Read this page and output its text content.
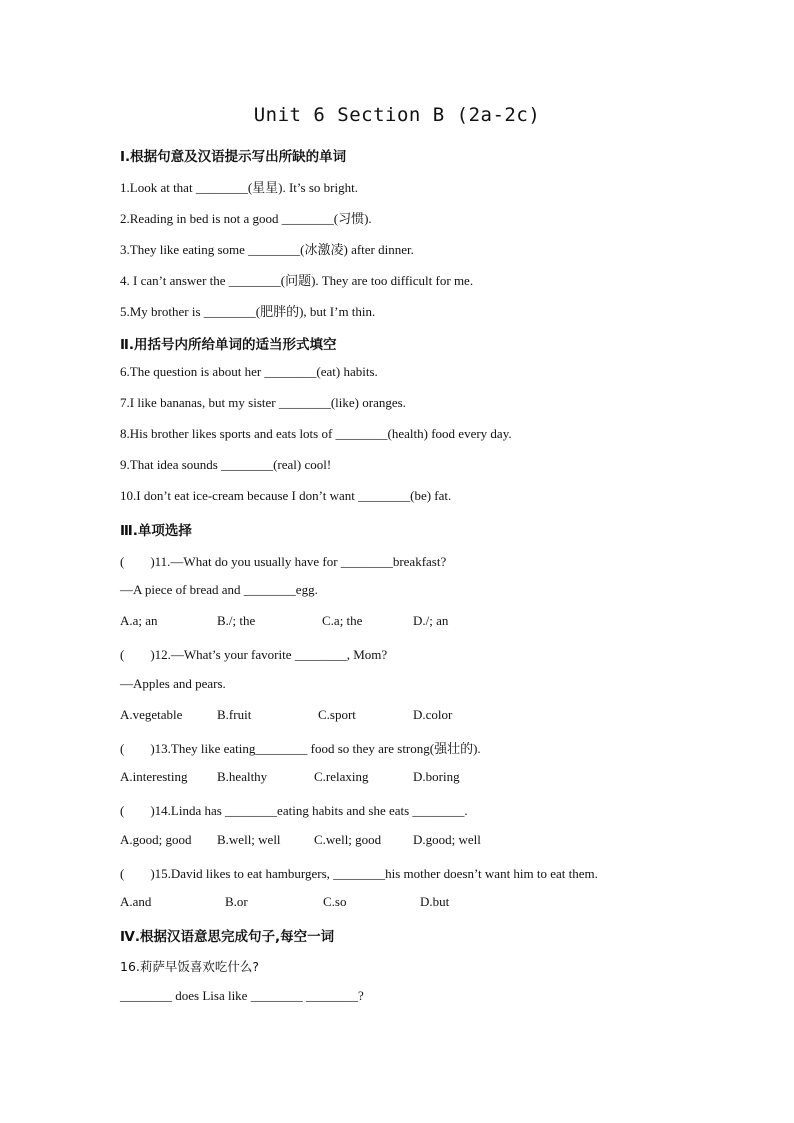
Unit 6 Section B (2a-2c)
Ⅰ.根据句意及汉语提示写出所缺的单词
1.Look at that ________(星星). It’s so bright.
2.Reading in bed is not a good ________(习惯).
3.They like eating some ________(冰激凌) after dinner.
4. I can’t answer the ________(问题). They are too difficult for me.
5.My brother is ________(肥胖的), but I’m thin.
Ⅱ.用括号内所给单词的适当形式填空
6.The question is about her ________(eat) habits.
7.I like bananas, but my sister ________(like) oranges.
8.His brother likes sports and eats lots of ________(health) food every day.
9.That idea sounds ________(real) cool!
10.I don’t eat ice-cream because I don’t want ________(be) fat.
Ⅲ.单项选择
(　　)11.—What do you usually have for ________breakfast?
—A piece of bread and ________egg.
A.a; an	B./; the	C.a; the	D./; an
(　　)12.—What’s your favorite ________, Mom?
—Apples and pears.
A.vegetable	B.fruit	C.sport	D.color
(　　)13.They like eating________ food so they are strong(强壮的).
A.interesting B.healthy	C.relaxing	D.boring
(　　)14.Linda has ________eating habits and she eats ________.
A.good; good B.well; well	C.well; good D.good; well
(　　)15.David likes to eat hamburgers, ________his mother doesn’t want him to eat them.
A.and	B.or	C.so	D.but
Ⅳ.根据汉语意思完成句子,每空一词
16.莉萨早饭喜欢吃什么?
________ does Lisa like ________ ________?
